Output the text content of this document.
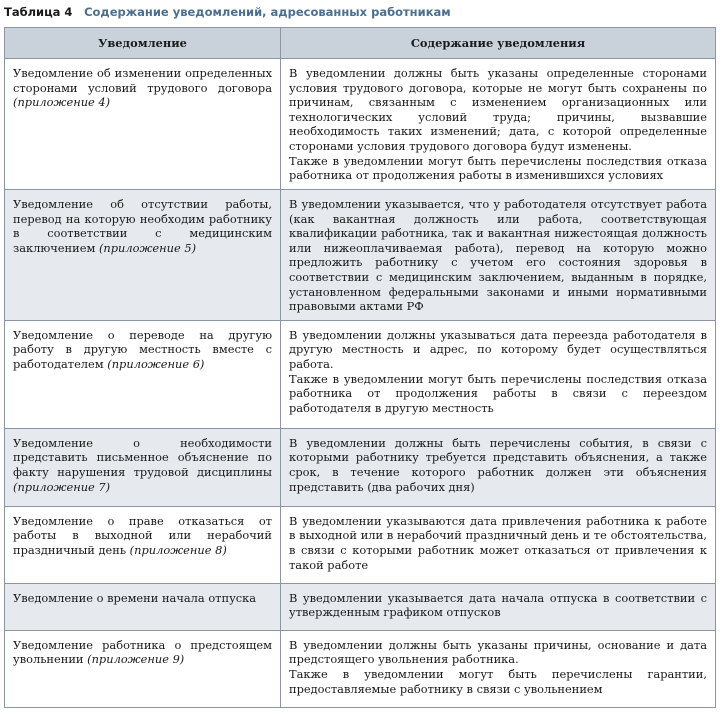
Таблица 4 Содержание уведомлений, адресованных работникам
Уведомление	Содержание уведомления
Уведомление об изменении определенных сторонами условий трудового договора (приложение 4)	В уведомлении должны быть указаны определенные сторонами условия трудового договора, которые не могут быть сохранены по причинам, связанным с изменением организационных или технологических условий труда; причины, вызвавшие необходимость таких изменений; дата, с которой определенные сторонами условия трудового договора будут изменены.
Также в уведомлении могут быть перечислены последствия отказа работника от продолжения работы в изменившихся условиях

Уведомление об отсутствии работы, перевод на которую необходим работнику в соответствии с медицинским заключением (приложение 5)	В уведомлении указывается, что у работодателя отсутствует работа (как вакантная должность или работа, соответствующая квалификации работника, так и вакантная нижестоящая должность или нижеоплачиваемая работа), перевод на которую можно предложить работнику с учетом его состояния здоровья в соответствии с медицинским заключением, выданным в порядке, установленном федеральными законами и иными нормативными правовыми актами РФ

Уведомление о переводе на другую работу в другую местность вместе с работодателем (приложение 6)	В уведомлении должны указываться дата переезда работодателя в другую местность и адрес, по которому будет осуществляться работа.
Также в уведомлении могут быть перечислены последствия отказа работника от продолжения работы в связи с переездом работодателя в другую местность

Уведомление о необходимости представить письменное объяснение по факту нарушения трудовой дисциплины (приложение 7)	В уведомлении должны быть перечислены события, в связи с которыми работнику требуется представить объяснения, а также срок, в течение которого работник должен эти объяснения представить (два рабочих дня)

Уведомление о праве отказаться от работы в выходной или нерабочий праздничный день (приложение 8)	В уведомлении указываются дата привлечения работника к работе в выходной или в нерабочий праздничный день и те обстоятельства, в связи с которыми работник может отказаться от привлечения к такой работе

Уведомление о времени начала отпуска	В уведомлении указывается дата начала отпуска в соответствии с утвержденным графиком отпусков

Уведомление работника о предстоящем увольнении (приложение 9)	В уведомлении должны быть указаны причины, основание и дата предстоящего увольнения работника.
Также в уведомлении могут быть перечислены гарантии, предоставляемые работнику в связи с увольнением
